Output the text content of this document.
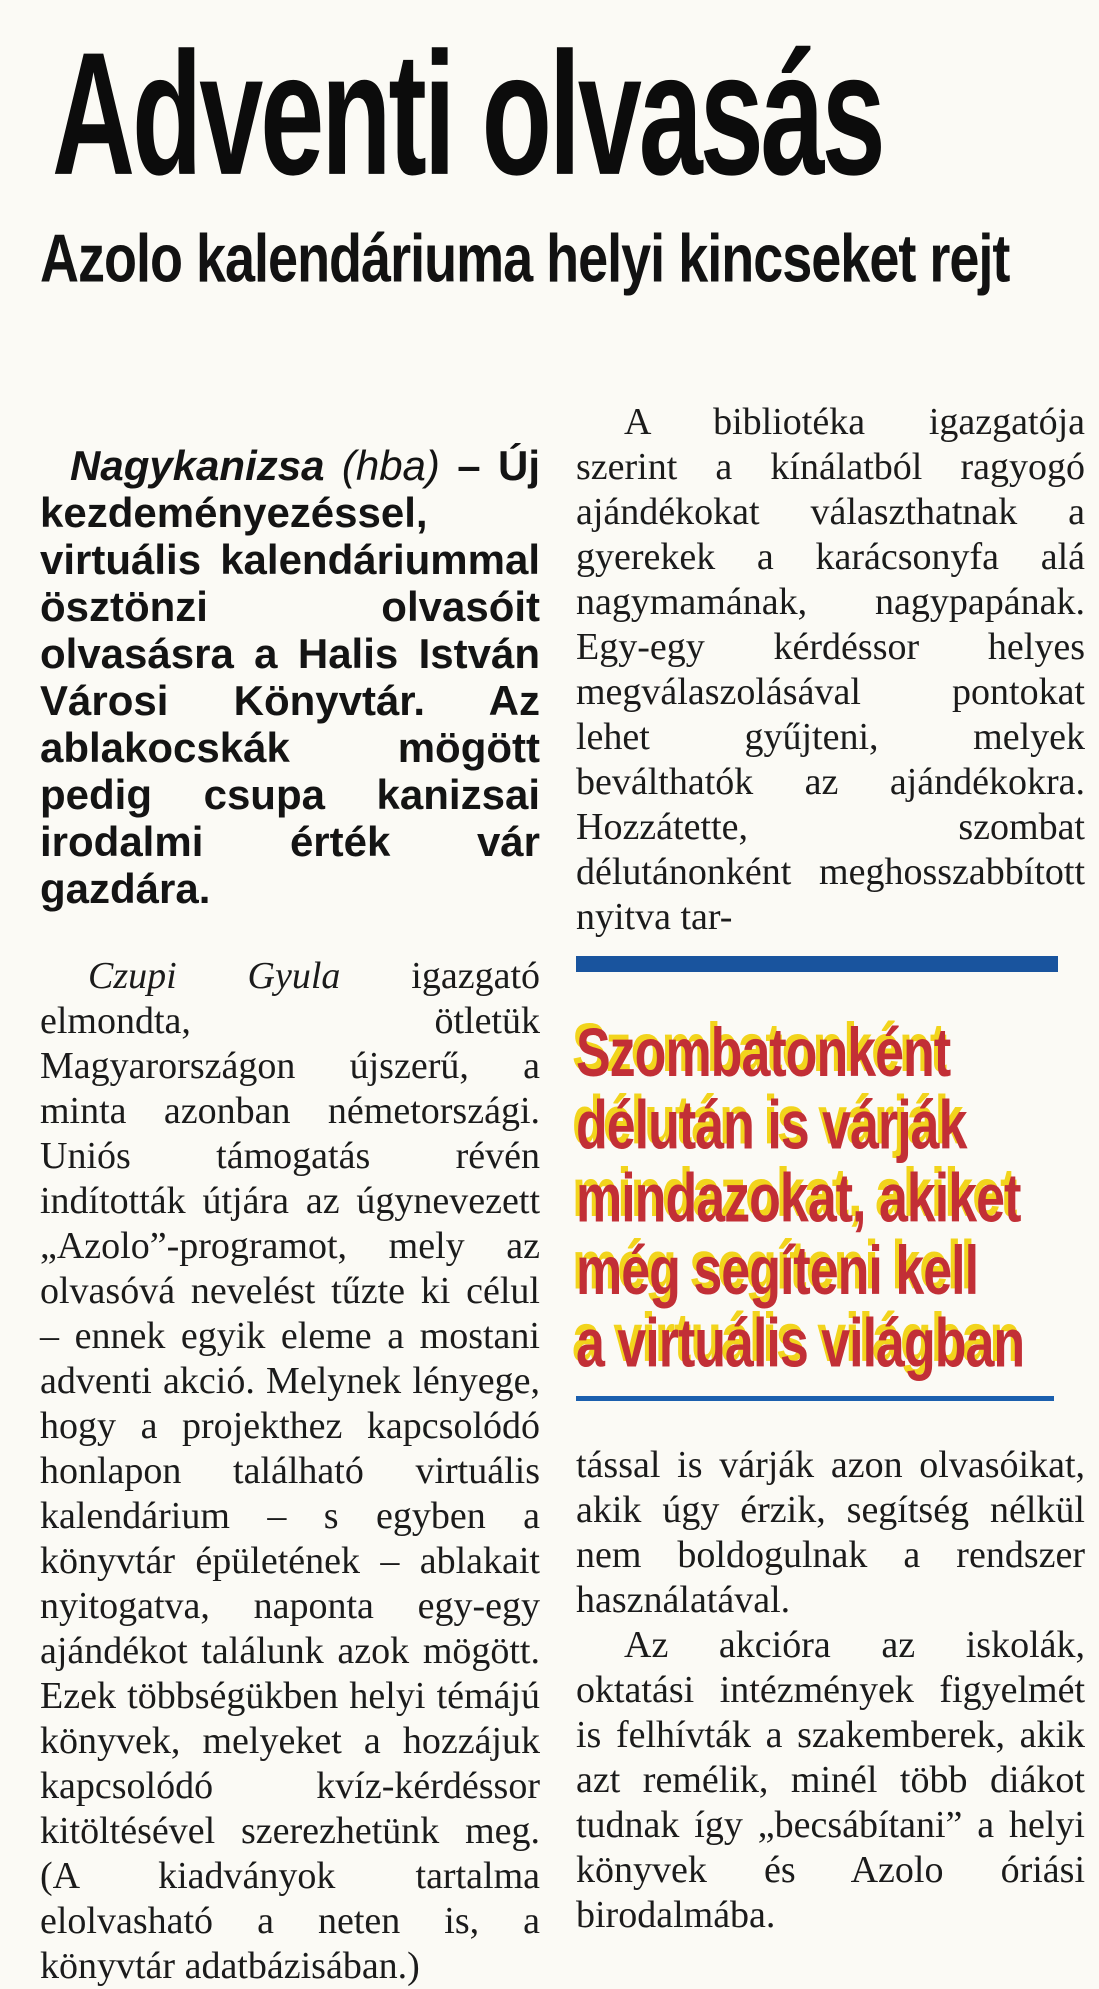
Adventi olvasás
Azolo kalendáriuma helyi kincseket rejt

Nagykanizsa (hba) – Új kezdeményezéssel, virtuális kalendáriummal ösztönzi olvasóit olvasásra a Halis István Városi Könyvtár. Az ablakocskák mögött pedig csupa kanizsai irodalmi érték vár gazdára.

Czupi Gyula igazgató elmondta, ötletük Magyarországon újszerű, a minta azonban németországi. Uniós támogatás révén indították útjára az úgynevezett „Azolo”-programot, mely az olvasóvá nevelést tűzte ki célul – ennek egyik eleme a mostani adventi akció. Melynek lényege, hogy a projekthez kapcsolódó honlapon található virtuális kalendárium – s egyben a könyvtár épületének – ablakait nyitogatva, naponta egy-egy ajándékot találunk azok mögött. Ezek többségükben helyi témájú könyvek, melyeket a hozzájuk kapcsolódó kvíz-kérdéssor kitöltésével szerezhetünk meg. (A kiadványok tartalma elolvasható a neten is, a könyvtár adatbázisában.)

A bibliotéka igazgatója szerint a kínálatból ragyogó ajándékokat választhatnak a gyerekek a karácsonyfa alá nagymamának, nagypapának. Egy-egy kérdéssor helyes megválaszolásával pontokat lehet gyűjteni, melyek beválthatók az ajándékokra. Hozzátette, szombat délutánonként meghosszabbított nyitva tar-

Szombatonként
délután is várják
mindazokat, akiket
még segíteni kell
a virtuális világban

tással is várják azon olvasóikat, akik úgy érzik, segítség nélkül nem boldogulnak a rendszer használatával.

Az akcióra az iskolák, oktatási intézmények figyelmét is felhívták a szakemberek, akik azt remélik, minél több diákot tudnak így „becsábítani” a helyi könyvek és Azolo óriási birodalmába.
